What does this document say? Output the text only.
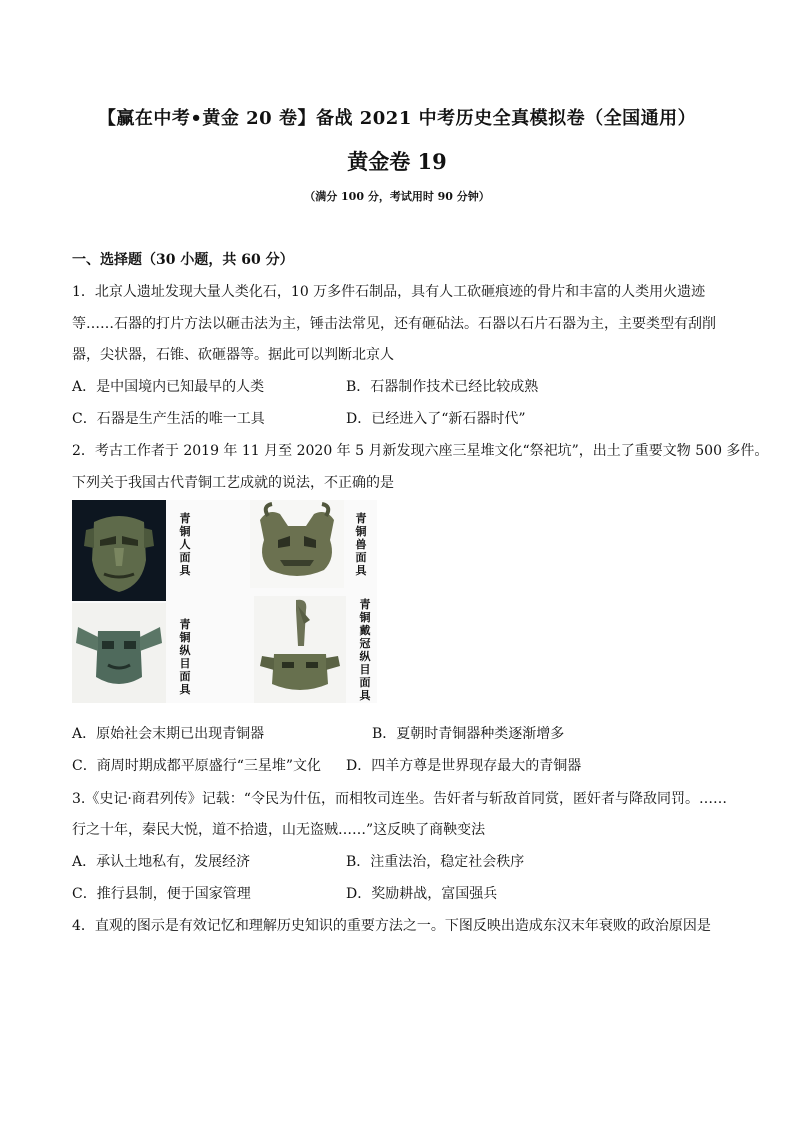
【赢在中考•黄金 20 卷】备战 2021 中考历史全真模拟卷（全国通用）
黄金卷 19
（满分 100 分，考试用时 90 分钟）
一、选择题（30 小题，共 60 分）
1．北京人遗址发现大量人类化石，10 万多件石制品，具有人工砍砸痕迹的骨片和丰富的人类用火遗迹
等……石器的打片方法以砸击法为主，锤击法常见，还有砸砧法。石器以石片石器为主，主要类型有刮削
器，尖状器，石锥、砍砸器等。据此可以判断北京人
A．是中国境内已知最早的人类	B．石器制作技术已经比较成熟
C．石器是生产生活的唯一工具	D．已经进入了“新石器时代”
2．考古工作者于 2019 年 11 月至 2020 年 5 月新发现六座三星堆文化“祭祀坑”，出土了重要文物 500 多件。
下列关于我国古代青铜工艺成就的说法，不正确的是
青
铜
人
面
具
青
铜
兽
面
具
青
铜
纵
目
面
具
青
铜
戴
冠
纵
目
面
具
A．原始社会末期已出现青铜器	B．夏朝时青铜器种类逐渐增多
C．商周时期成都平原盛行“三星堆”文化 D．四羊方尊是世界现存最大的青铜器
3.《史记·商君列传》记载：“令民为什伍，而相牧司连坐。告奸者与斩敌首同赏，匿奸者与降敌同罚。……
行之十年，秦民大悦，道不拾遗，山无盗贼……”这反映了商鞅变法
A．承认土地私有，发展经济	B．注重法治，稳定社会秩序
C．推行县制，便于国家管理	D．奖励耕战，富国强兵
4．直观的图示是有效记忆和理解历史知识的重要方法之一。下图反映出造成东汉末年衰败的政治原因是
